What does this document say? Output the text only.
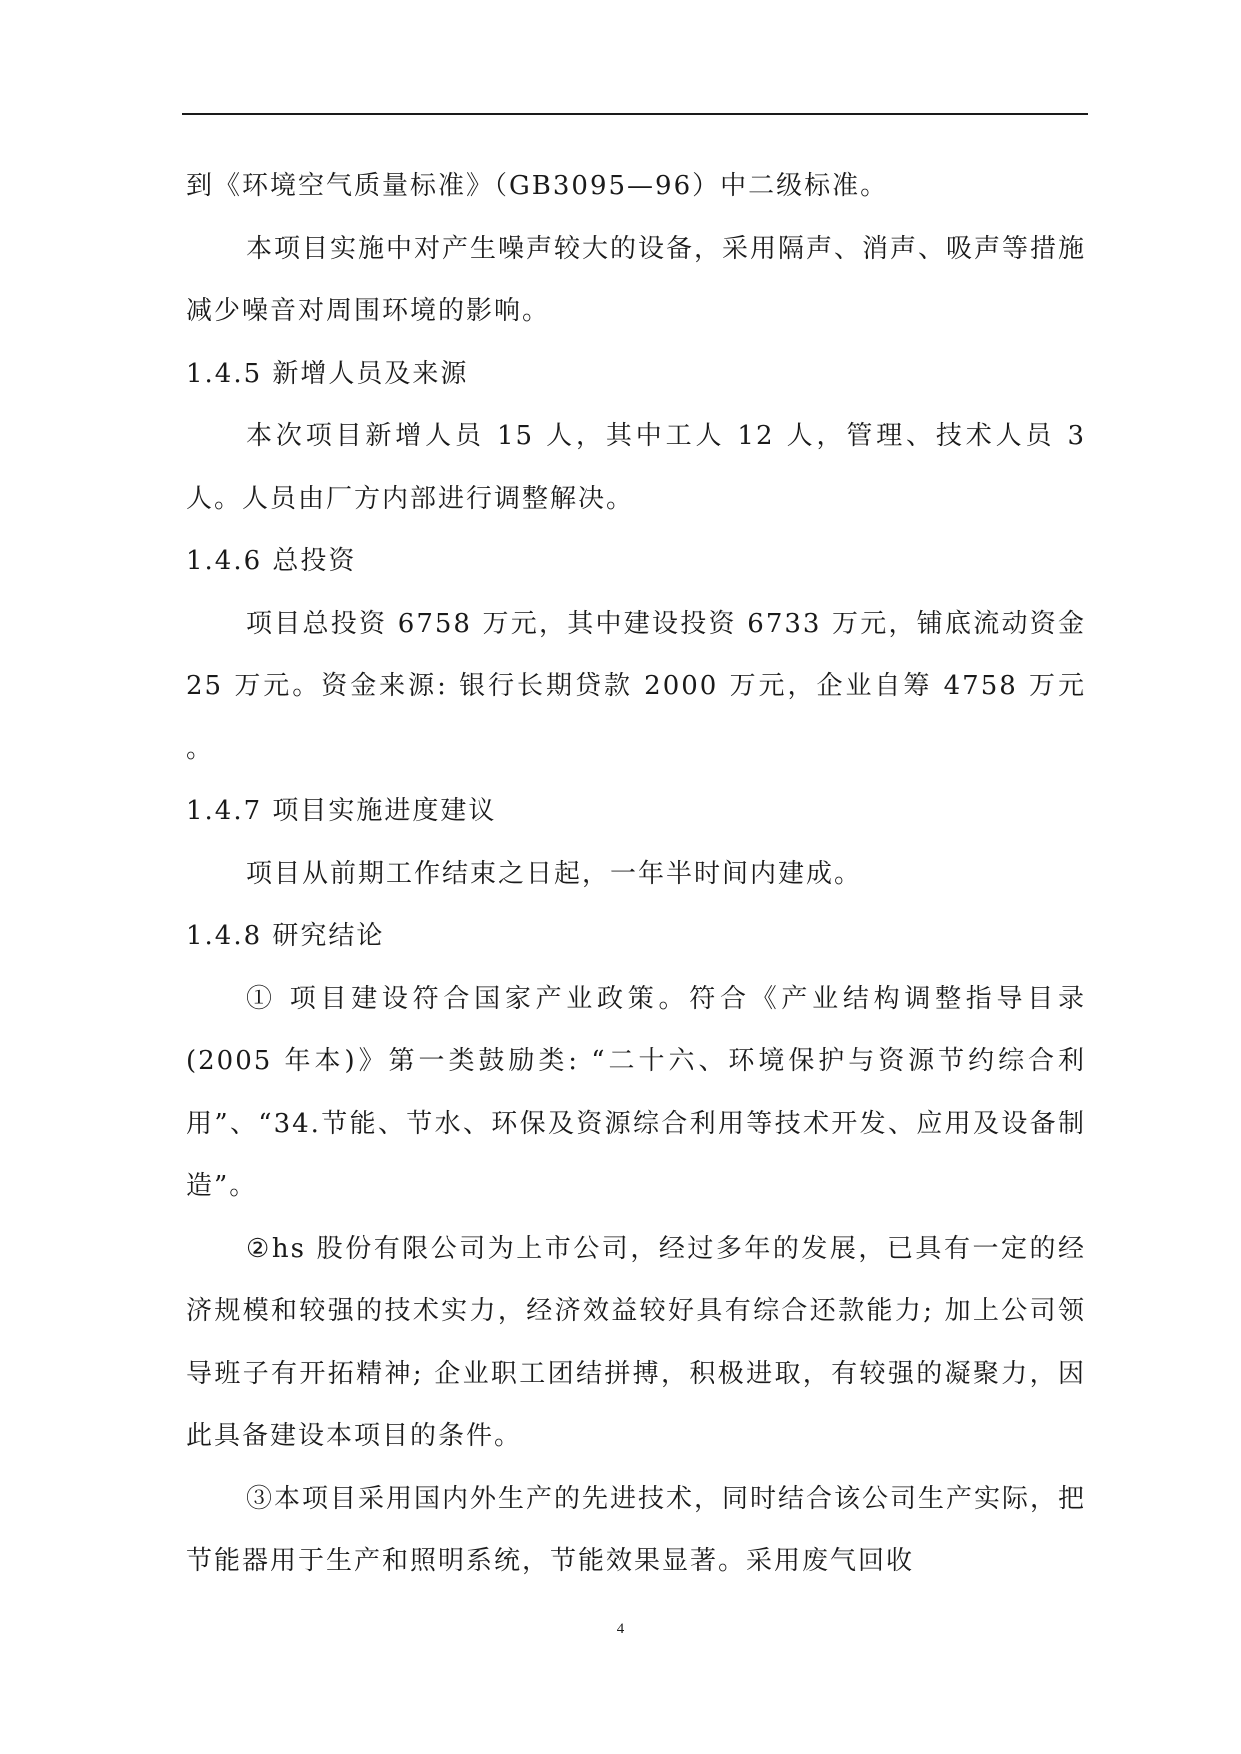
到《环境空气质量标准》（GB3095—96）中二级标准。

本项目实施中对产生噪声较大的设备，采用隔声、消声、吸声等措施减少噪音对周围环境的影响。

1.4.5 新增人员及来源

本次项目新增人员 15 人，其中工人 12 人，管理、技术人员 3 人。人员由厂方内部进行调整解决。

1.4.6 总投资

项目总投资 6758 万元，其中建设投资 6733 万元，铺底流动资金 25 万元。资金来源: 银行长期贷款 2000 万元，企业自筹 4758 万元 。

1.4.7 项目实施进度建议

项目从前期工作结束之日起，一年半时间内建成。

1.4.8 研究结论

① 项目建设符合国家产业政策。符合《产业结构调整指导目录(2005 年本)》第一类鼓励类: “二十六、环境保护与资源节约综合利用”、“34.节能、节水、环保及资源综合利用等技术开发、应用及设备制造”。

②hs 股份有限公司为上市公司，经过多年的发展，已具有一定的经济规模和较强的技术实力，经济效益较好具有综合还款能力; 加上公司领导班子有开拓精神; 企业职工团结拼搏，积极进取，有较强的凝聚力，因此具备建设本项目的条件。

③本项目采用国内外生产的先进技术，同时结合该公司生产实际，把节能器用于生产和照明系统，节能效果显著。采用废气回收

4
